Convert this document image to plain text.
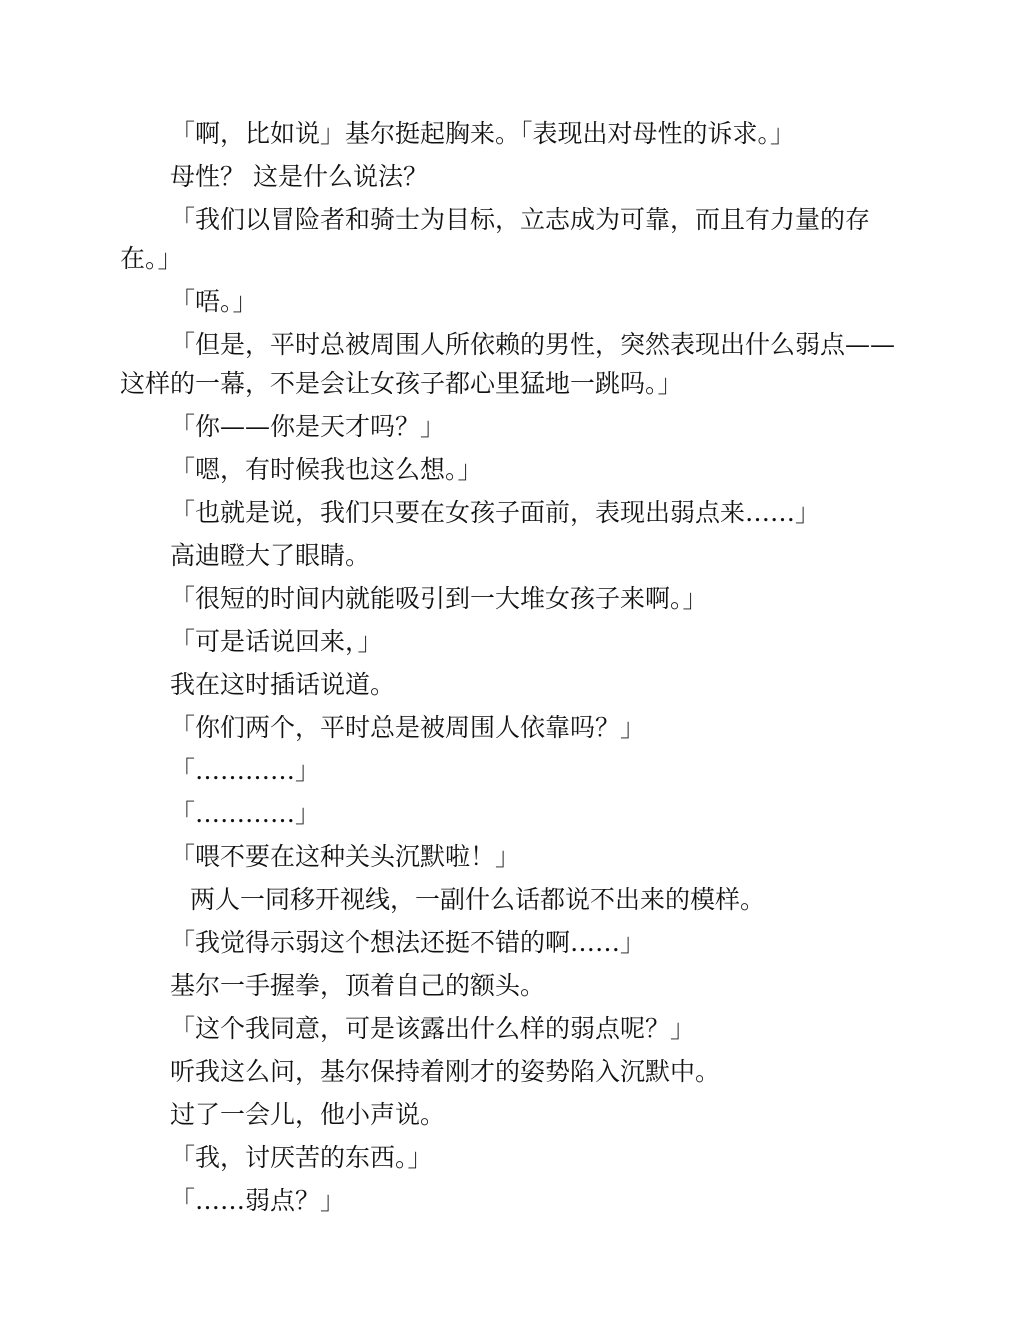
「啊，比如说」基尔挺起胸来。「表现出对母性的诉求。」

母性？ 这是什么说法？

「我们以冒险者和骑士为目标，立志成为可靠，而且有力量的存在。」

「唔。」

「但是，平时总被周围人所依赖的男性，突然表现出什么弱点——这样的一幕，不是会让女孩子都心里猛地一跳吗。」

「你——你是天才吗？」

「嗯，有时候我也这么想。」

「也就是说，我们只要在女孩子面前，表现出弱点来……」

高迪瞪大了眼睛。

「很短的时间内就能吸引到一大堆女孩子来啊。」

「可是话说回来，」

我在这时插话说道。

「你们两个，平时总是被周围人依靠吗？」

「…………」

「…………」

「喂不要在这种关头沉默啦！」

两人一同移开视线，一副什么话都说不出来的模样。

「我觉得示弱这个想法还挺不错的啊……」

基尔一手握拳，顶着自己的额头。

「这个我同意，可是该露出什么样的弱点呢？」

听我这么问，基尔保持着刚才的姿势陷入沉默中。

过了一会儿，他小声说。

「我，讨厌苦的东西。」

「……弱点？」
